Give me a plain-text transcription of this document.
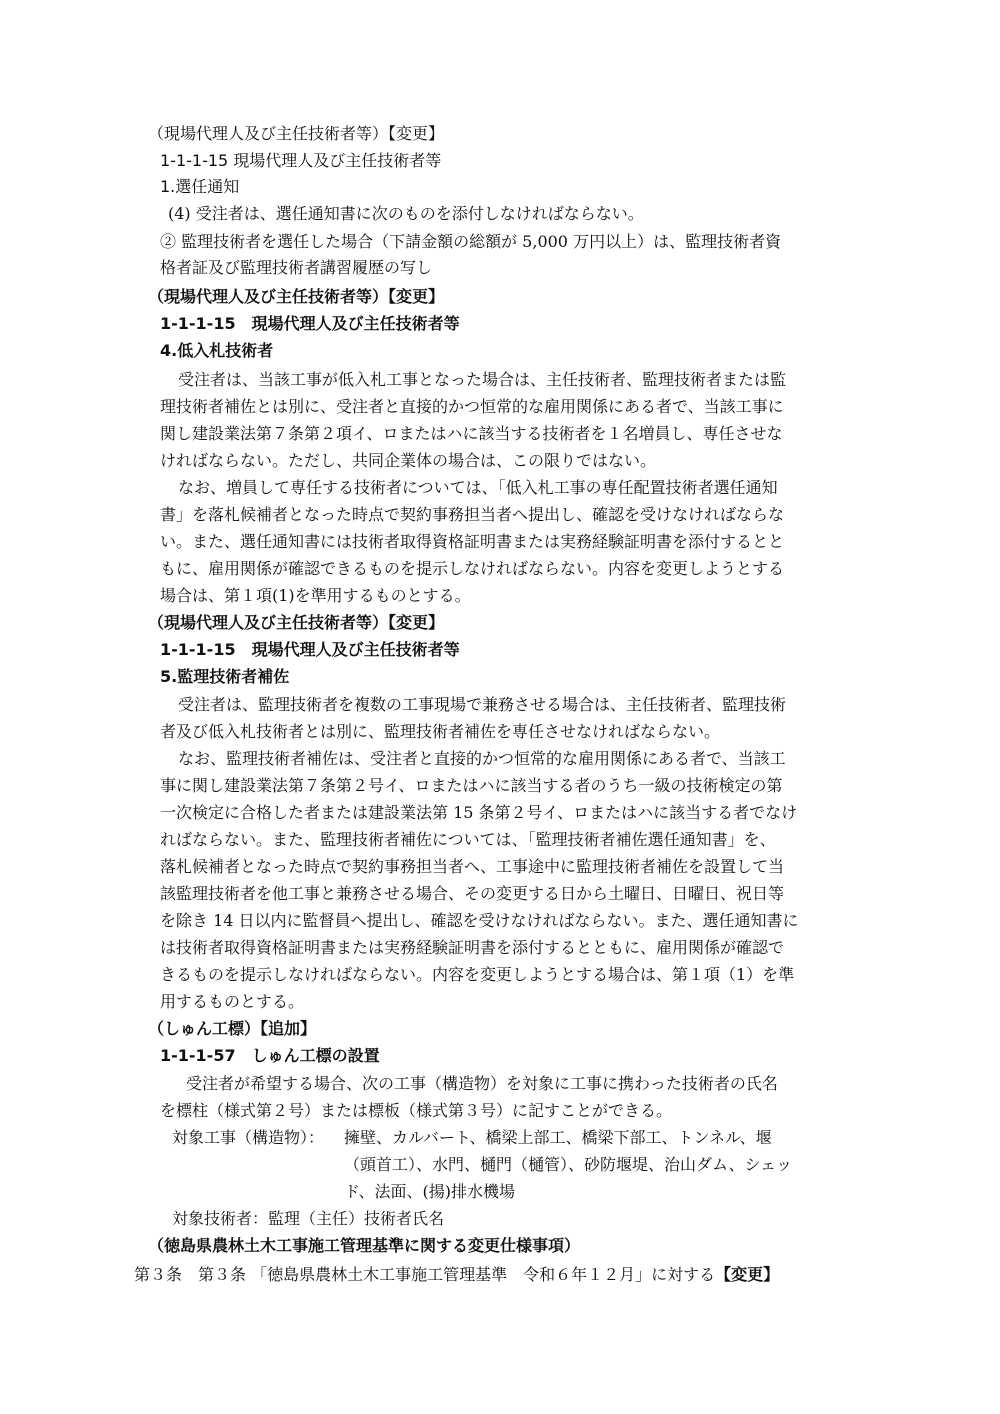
（現場代理人及び主任技術者等）【変更】
1-1-1-15 現場代理人及び主任技術者等
1.選任通知
(4) 受注者は、選任通知書に次のものを添付しなければならない。
② 監理技術者を選任した場合（下請金額の総額が 5,000 万円以上）は、監理技術者資
格者証及び監理技術者講習履歴の写し
（現場代理人及び主任技術者等）【変更】
1-1-1-15　現場代理人及び主任技術者等
4.低入札技術者
受注者は、当該工事が低入札工事となった場合は、主任技術者、監理技術者または監
理技術者補佐とは別に、受注者と直接的かつ恒常的な雇用関係にある者で、当該工事に
関し建設業法第７条第２項イ、ロまたはハに該当する技術者を１名増員し、専任させな
ければならない。ただし、共同企業体の場合は、この限りではない。
なお、増員して専任する技術者については、「低入札工事の専任配置技術者選任通知
書」を落札候補者となった時点で契約事務担当者へ提出し、確認を受けなければならな
い。また、選任通知書には技術者取得資格証明書または実務経験証明書を添付するとと
もに、雇用関係が確認できるものを提示しなければならない。内容を変更しようとする
場合は、第１項(1)を準用するものとする。
（現場代理人及び主任技術者等）【変更】
1-1-1-15　現場代理人及び主任技術者等
5.監理技術者補佐
受注者は、監理技術者を複数の工事現場で兼務させる場合は、主任技術者、監理技術
者及び低入札技術者とは別に、監理技術者補佐を専任させなければならない。
なお、監理技術者補佐は、受注者と直接的かつ恒常的な雇用関係にある者で、当該工
事に関し建設業法第７条第２号イ、ロまたはハに該当する者のうち一級の技術検定の第
一次検定に合格した者または建設業法第 15 条第２号イ、ロまたはハに該当する者でなけ
ればならない。また、監理技術者補佐については、「監理技術者補佐選任通知書」を、
落札候補者となった時点で契約事務担当者へ、工事途中に監理技術者補佐を設置して当
該監理技術者を他工事と兼務させる場合、その変更する日から土曜日、日曜日、祝日等
を除き 14 日以内に監督員へ提出し、確認を受けなければならない。また、選任通知書に
は技術者取得資格証明書または実務経験証明書を添付するとともに、雇用関係が確認で
きるものを提示しなければならない。内容を変更しようとする場合は、第１項（1）を準
用するものとする。
（しゅん工標）【追加】
1-1-1-57　しゅん工標の設置
受注者が希望する場合、次の工事（構造物）を対象に工事に携わった技術者の氏名
を標柱（様式第２号）または標板（様式第３号）に記すことができる。
対象工事（構造物）： 擁壁、カルバート、橋梁上部工、橋梁下部工、トンネル、堰
（頭首工）、水門、樋門（樋管）、砂防堰堤、治山ダム、シェッ
ド、法面、(揚)排水機場
対象技術者：監理（主任）技術者氏名
（徳島県農林土木工事施工管理基準に関する変更仕様事項）
第３条　第３条 「徳島県農林土木工事施工管理基準　令和６年１２月」に対する【変更】
